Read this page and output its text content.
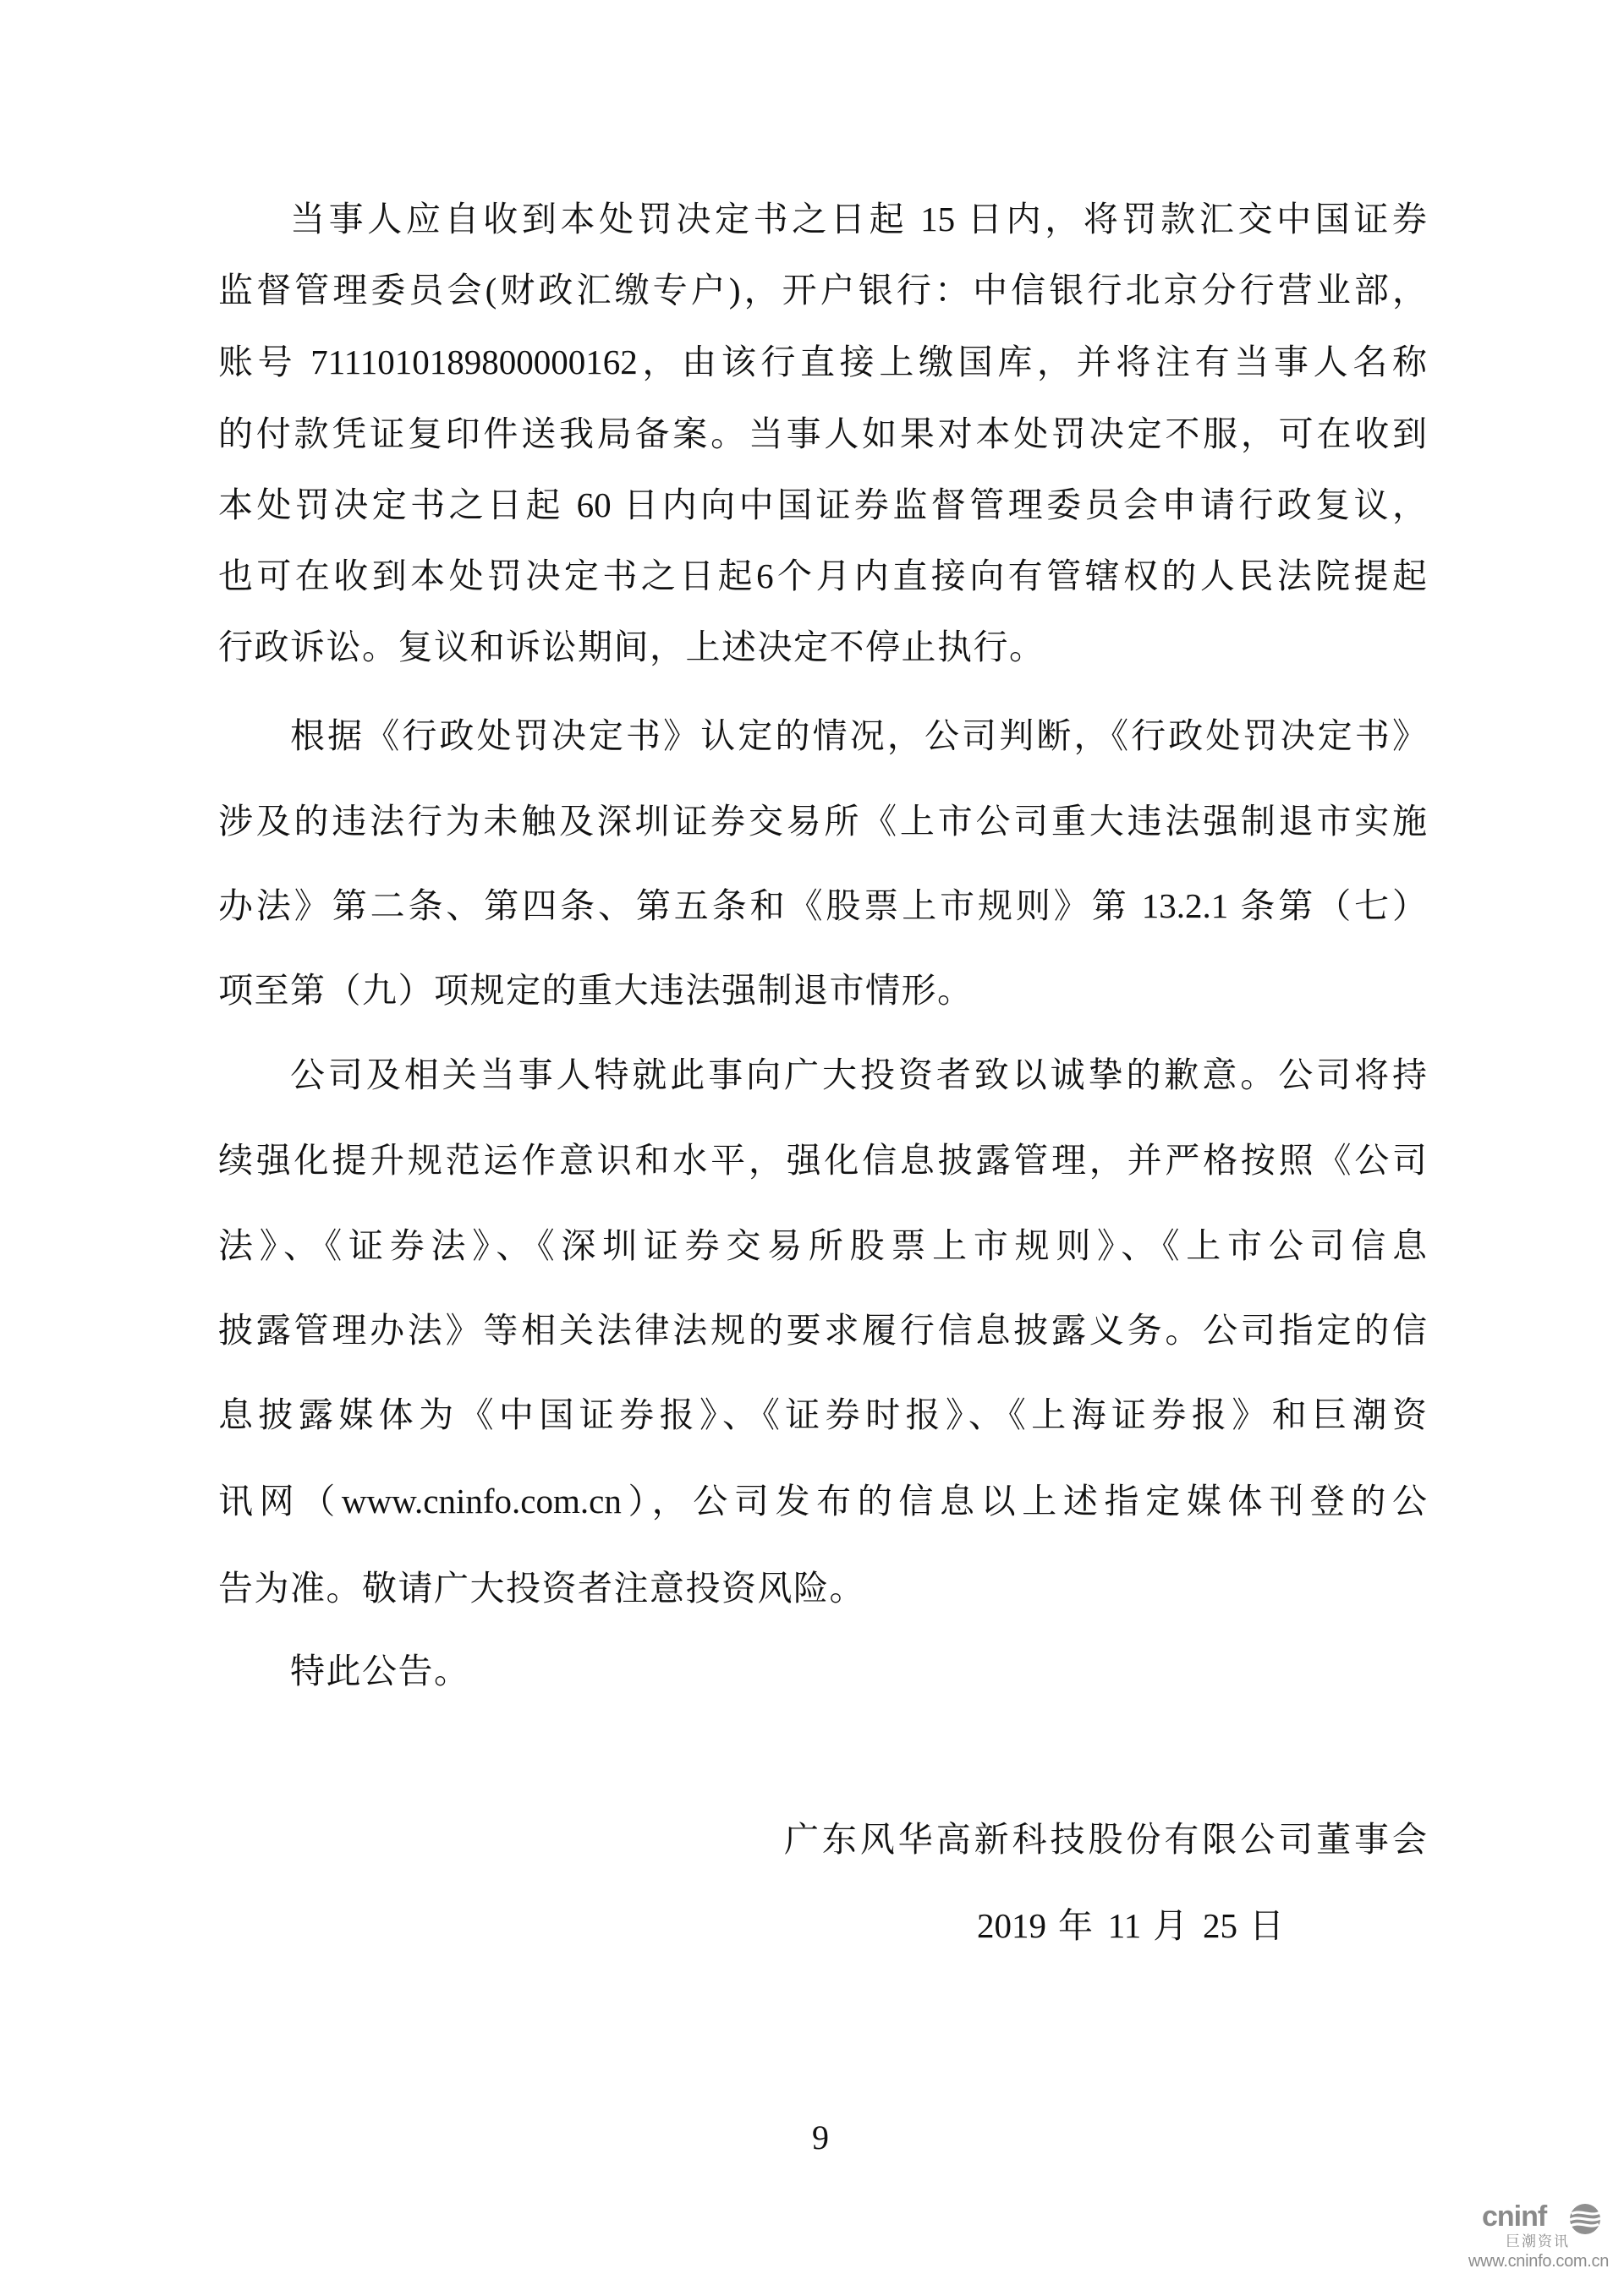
当事人应自收到本处罚决定书之日起 15 日内，将罚款汇交中国证券
监督管理委员会(财政汇缴专户)，开户银行：中信银行北京分行营业部，
账号 7111010189800000162，由该行直接上缴国库，并将注有当事人名称
的付款凭证复印件送我局备案。当事人如果对本处罚决定不服，可在收到
本处罚决定书之日起 60 日内向中国证券监督管理委员会申请行政复议，
也可在收到本处罚决定书之日起6个月内直接向有管辖权的人民法院提起
行政诉讼。复议和诉讼期间，上述决定不停止执行。
根据《行政处罚决定书》认定的情况，公司判断，《行政处罚决定书》
涉及的违法行为未触及深圳证券交易所《上市公司重大违法强制退市实施
办法》第二条、第四条、第五条和《股票上市规则》第 13.2.1 条第（七）
项至第（九）项规定的重大违法强制退市情形。
公司及相关当事人特就此事向广大投资者致以诚挚的歉意。公司将持
续强化提升规范运作意识和水平，强化信息披露管理，并严格按照《公司
法》、《证券法》、《深圳证券交易所股票上市规则》、《上市公司信息
披露管理办法》等相关法律法规的要求履行信息披露义务。公司指定的信
息披露媒体为《中国证券报》、《证券时报》、《上海证券报》和巨潮资
讯网（www.cninfo.com.cn），公司发布的信息以上述指定媒体刊登的公
告为准。敬请广大投资者注意投资风险。
特此公告。
广东风华高新科技股份有限公司董事会
2019 年 11 月 25 日
9
cninf
巨潮资讯
www.cninfo.com.cn
